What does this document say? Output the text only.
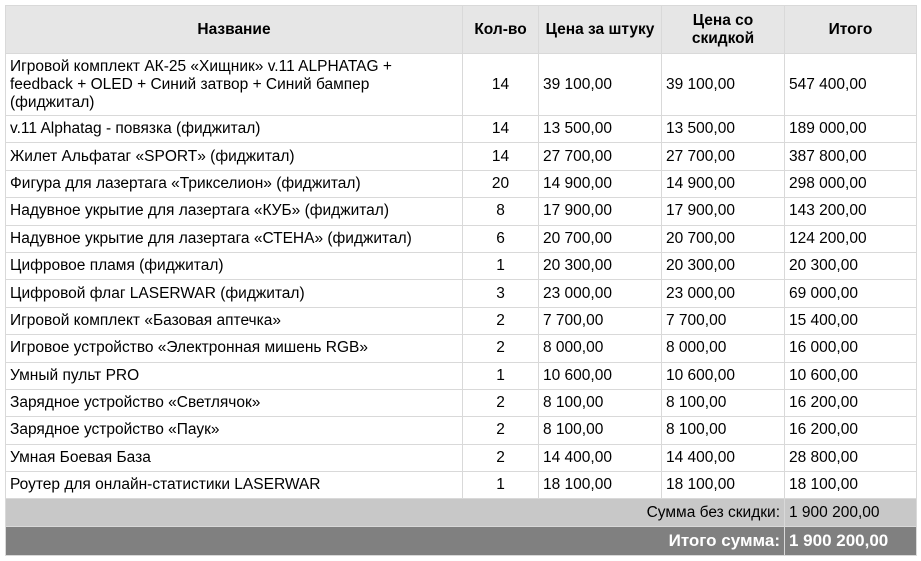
Название	Кол-во	Цена за штуку	Цена со скидкой	Итого
Игровой комплект АК-25 «Хищник» v.11 ALPHATAG + feedback + OLED + Синий затвор + Синий бампер (фиджитал)	14	39 100,00	39 100,00	547 400,00
v.11 Alphatag - повязка (фиджитал)	14	13 500,00	13 500,00	189 000,00
Жилет Альфатаг «SPORT» (фиджитал)	14	27 700,00	27 700,00	387 800,00
Фигура для лазертага «Трикселион» (фиджитал)	20	14 900,00	14 900,00	298 000,00
Надувное укрытие для лазертага «КУБ» (фиджитал)	8	17 900,00	17 900,00	143 200,00
Надувное укрытие для лазертага «СТЕНА» (фиджитал)	6	20 700,00	20 700,00	124 200,00
Цифровое пламя (фиджитал)	1	20 300,00	20 300,00	20 300,00
Цифровой флаг LASERWAR (фиджитал)	3	23 000,00	23 000,00	69 000,00
Игровой комплект «Базовая аптечка»	2	7 700,00	7 700,00	15 400,00
Игровое устройство «Электронная мишень RGB»	2	8 000,00	8 000,00	16 000,00
Умный пульт PRO	1	10 600,00	10 600,00	10 600,00
Зарядное устройство «Светлячок»	2	8 100,00	8 100,00	16 200,00
Зарядное устройство «Паук»	2	8 100,00	8 100,00	16 200,00
Умная Боевая База	2	14 400,00	14 400,00	28 800,00
Роутер для онлайн-статистики LASERWAR	1	18 100,00	18 100,00	18 100,00
Сумма без скидки:				1 900 200,00
Итого сумма:				1 900 200,00
